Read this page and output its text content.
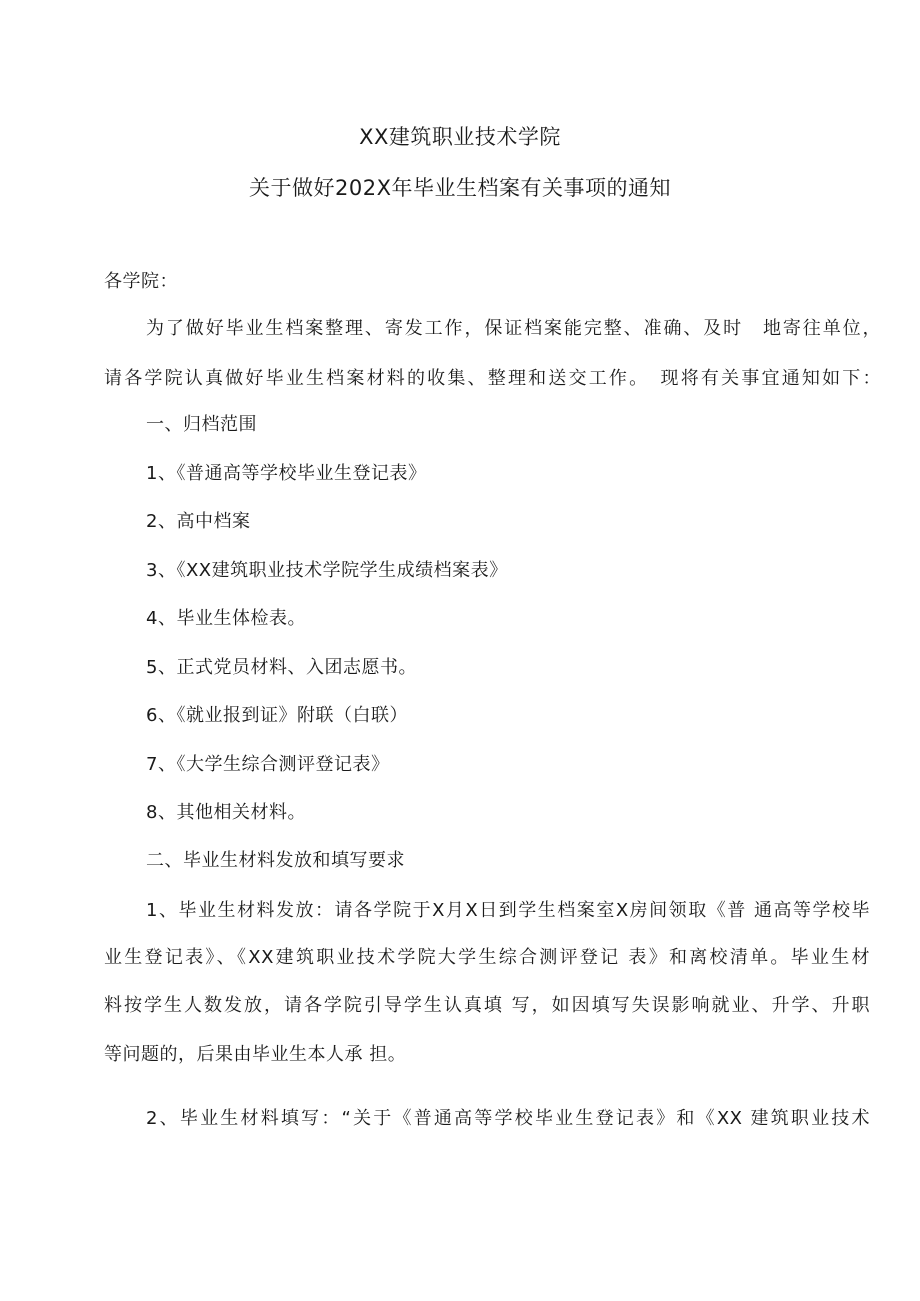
XX建筑职业技术学院
关于做好202X年毕业生档案有关事项的通知
各学院：
为了做好毕业生档案整理、寄发工作，保证档案能完整、准确、及时　地寄往单位，
请各学院认真做好毕业生档案材料的收集、整理和送交工作。　现将有关事宜通知如下：
一、归档范围
1、《普通高等学校毕业生登记表》
2、高中档案
3、《XX建筑职业技术学院学生成绩档案表》
4、毕业生体检表。
5、正式党员材料、入团志愿书。
6、《就业报到证》附联（白联）
7、《大学生综合测评登记表》
8、其他相关材料。
二、毕业生材料发放和填写要求
1、毕业生材料发放：请各学院于X月X日到学生档案室X房间领取《普 通高等学校毕
业生登记表》、《XX建筑职业技术学院大学生综合测评登记 表》和离校清单。毕业生材
料按学生人数发放，请各学院引导学生认真填 写，如因填写失误影响就业、升学、升职
等问题的，后果由毕业生本人承 担。
2、毕业生材料填写：“关于《普通高等学校毕业生登记表》和《XX 建筑职业技术
